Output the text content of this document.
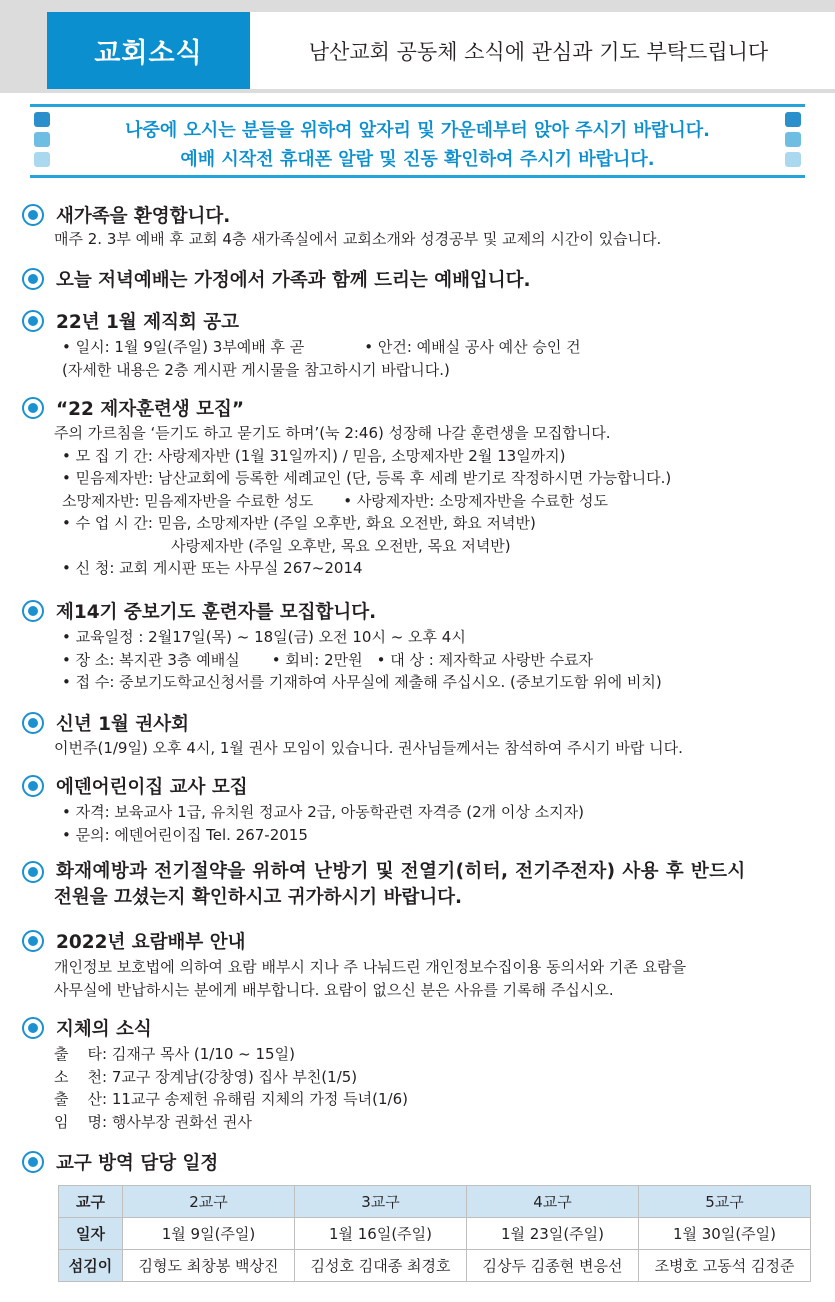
교회소식	남산교회 공동체 소식에 관심과 기도 부탁드립니다
나중에 오시는 분들을 위하여 앞자리 및 가운데부터 앉아 주시기 바랍니다.
예배 시작전 휴대폰 알람 및 진동 확인하여 주시기 바랍니다.
새가족을 환영합니다.
매주 2. 3부 예배 후 교회 4층 새가족실에서 교회소개와 성경공부 및 교제의 시간이 있습니다.
오늘 저녁예배는 가정에서 가족과 함께 드리는 예배입니다.
22년 1월 제직회 공고
• 일시: 1월 9일(주일) 3부예배 후 곧	• 안건: 예배실 공사 예산 승인 건
(자세한 내용은 2층 게시판 게시물을 참고하시기 바랍니다.)
“22 제자훈련생 모집”
주의 가르침을 ‘듣기도 하고 묻기도 하며’(눅 2:46) 성장해 나갈 훈련생을 모집합니다.
• 모 집 기 간: 사랑제자반 (1월 31일까지) / 믿음, 소망제자반 2월 13일까지)
• 믿음제자반: 남산교회에 등록한 세례교인 (단, 등록 후 세례 받기로 작정하시면 가능합니다.)
소망제자반: 믿음제자반을 수료한 성도 • 사랑제자반: 소망제자반을 수료한 성도
• 수 업 시 간: 믿음, 소망제자반 (주일 오후반, 화요 오전반, 화요 저녁반)
사랑제자반 (주일 오후반, 목요 오전반, 목요 저녁반)
• 신 청: 교회 게시판 또는 사무실 267~2014
제14기 중보기도 훈련자를 모집합니다.
• 교육일정 : 2월17일(목) ~ 18일(금) 오전 10시 ~ 오후 4시
• 장 소: 복지관 3층 예배실 • 회비: 2만원 • 대 상 : 제자학교 사랑반 수료자
• 접 수: 중보기도학교신청서를 기재하여 사무실에 제출해 주십시오. (중보기도함 위에 비치)
신년 1월 권사회
이번주(1/9일) 오후 4시, 1월 권사 모임이 있습니다. 권사님들께서는 참석하여 주시기 바랍 니다.
에덴어린이집 교사 모집
• 자격: 보육교사 1급, 유치원 정교사 2급, 아동학관련 자격증 (2개 이상 소지자)
• 문의: 에덴어린이집 Tel. 267-2015
화재예방과 전기절약을 위하여 난방기 및 전열기(히터, 전기주전자) 사용 후 반드시
전원을 끄셨는지 확인하시고 귀가하시기 바랍니다.
2022년 요람배부 안내
개인정보 보호법에 의하여 요람 배부시 지나 주 나눠드린 개인정보수집이용 동의서와 기존 요람을
사무실에 반납하시는 분에게 배부합니다. 요람이 없으신 분은 사유를 기록해 주십시오.
지체의 소식
출    타: 김재구 목사 (1/10 ~ 15일)
소    천: 7교구 장계남(강창영) 집사 부친(1/5)
출    산: 11교구 송제헌 유해림 지체의 가정 득녀(1/6)
임    명: 행사부장 권화선 권사
교구 방역 담당 일정
교구	2교구	3교구	4교구	5교구
일자	1월 9일(주일)	1월 16일(주일)	1월 23일(주일)	1월 30일(주일)
섬김이	김형도 최창봉 백상진	김성호 김대종 최경호	김상두 김종현 변응선	조병호 고동석 김정준
